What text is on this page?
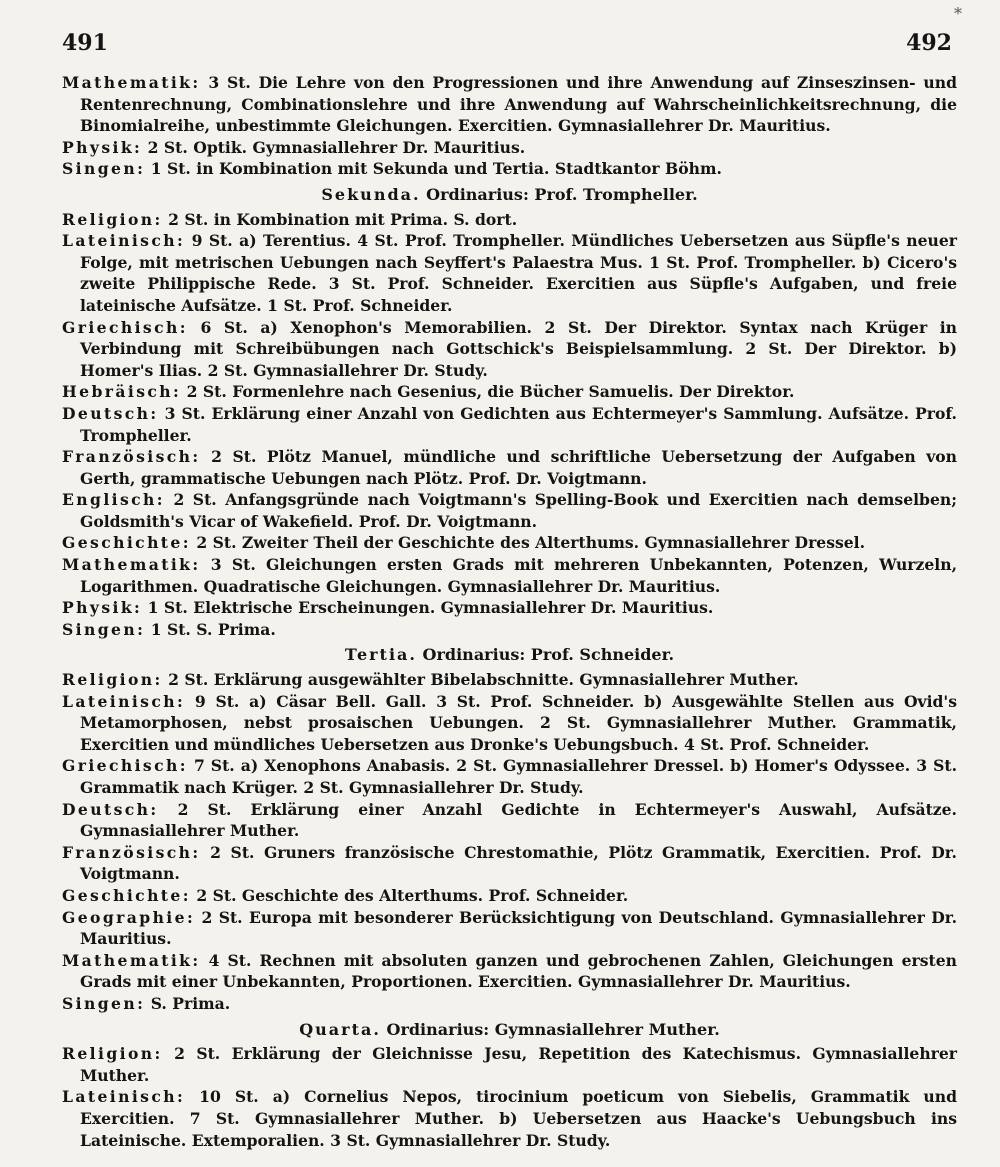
491
*
492
Mathematik: 3 St. Die Lehre von den Progressionen und ihre Anwendung auf Zinseszinsen- und Rentenrechnung, Combinationslehre und ihre Anwendung auf Wahrscheinlichkeitsrechnung, die Binomialreihe, unbestimmte Gleichungen. Exercitien. Gymnasiallehrer Dr. Mauritius.
Physik: 2 St. Optik. Gymnasiallehrer Dr. Mauritius.
Singen: 1 St. in Kombination mit Sekunda und Tertia. Stadtkantor Böhm.
Sekunda. Ordinarius: Prof. Trompheller.
Religion: 2 St. in Kombination mit Prima. S. dort.
Lateinisch: 9 St. a) Terentius. 4 St. Prof. Trompheller. Mündliches Uebersetzen aus Süpfle's neuer Folge, mit metrischen Uebungen nach Seyffert's Palaestra Mus. 1 St. Prof. Trompheller. b) Cicero's zweite Philippische Rede. 3 St. Prof. Schneider. Exercitien aus Süpfle's Aufgaben, und freie lateinische Aufsätze. 1 St. Prof. Schneider.
Griechisch: 6 St. a) Xenophon's Memorabilien. 2 St. Der Direktor. Syntax nach Krüger in Verbindung mit Schreibübungen nach Gottschick's Beispielsammlung. 2 St. Der Direktor. b) Homer's Ilias. 2 St. Gymnasiallehrer Dr. Study.
Hebräisch: 2 St. Formenlehre nach Gesenius, die Bücher Samuelis. Der Direktor.
Deutsch: 3 St. Erklärung einer Anzahl von Gedichten aus Echtermeyer's Sammlung. Aufsätze. Prof. Trompheller.
Französisch: 2 St. Plötz Manuel, mündliche und schriftliche Uebersetzung der Aufgaben von Gerth, grammatische Uebungen nach Plötz. Prof. Dr. Voigtmann.
Englisch: 2 St. Anfangsgründe nach Voigtmann's Spelling-Book und Exercitien nach demselben; Goldsmith's Vicar of Wakefield. Prof. Dr. Voigtmann.
Geschichte: 2 St. Zweiter Theil der Geschichte des Alterthums. Gymnasiallehrer Dressel.
Mathematik: 3 St. Gleichungen ersten Grads mit mehreren Unbekannten, Potenzen, Wurzeln, Logarithmen. Quadratische Gleichungen. Gymnasiallehrer Dr. Mauritius.
Physik: 1 St. Elektrische Erscheinungen. Gymnasiallehrer Dr. Mauritius.
Singen: 1 St. S. Prima.
Tertia. Ordinarius: Prof. Schneider.
Religion: 2 St. Erklärung ausgewählter Bibelabschnitte. Gymnasiallehrer Muther.
Lateinisch: 9 St. a) Cäsar Bell. Gall. 3 St. Prof. Schneider. b) Ausgewählte Stellen aus Ovid's Metamorphosen, nebst prosaischen Uebungen. 2 St. Gymnasiallehrer Muther. Grammatik, Exercitien und mündliches Uebersetzen aus Dronke's Uebungsbuch. 4 St. Prof. Schneider.
Griechisch: 7 St. a) Xenophons Anabasis. 2 St. Gymnasiallehrer Dressel. b) Homer's Odyssee. 3 St. Grammatik nach Krüger. 2 St. Gymnasiallehrer Dr. Study.
Deutsch: 2 St. Erklärung einer Anzahl Gedichte in Echtermeyer's Auswahl, Aufsätze. Gymnasiallehrer Muther.
Französisch: 2 St. Gruners französische Chrestomathie, Plötz Grammatik, Exercitien. Prof. Dr. Voigtmann.
Geschichte: 2 St. Geschichte des Alterthums. Prof. Schneider.
Geographie: 2 St. Europa mit besonderer Berücksichtigung von Deutschland. Gymnasiallehrer Dr. Mauritius.
Mathematik: 4 St. Rechnen mit absoluten ganzen und gebrochenen Zahlen, Gleichungen ersten Grads mit einer Unbekannten, Proportionen. Exercitien. Gymnasiallehrer Dr. Mauritius.
Singen: S. Prima.
Quarta. Ordinarius: Gymnasiallehrer Muther.
Religion: 2 St. Erklärung der Gleichnisse Jesu, Repetition des Katechismus. Gymnasiallehrer Muther.
Lateinisch: 10 St. a) Cornelius Nepos, tirocinium poeticum von Siebelis, Grammatik und Exercitien. 7 St. Gymnasiallehrer Muther. b) Uebersetzen aus Haacke's Uebungsbuch ins Lateinische. Extemporalien. 3 St. Gymnasiallehrer Dr. Study.
